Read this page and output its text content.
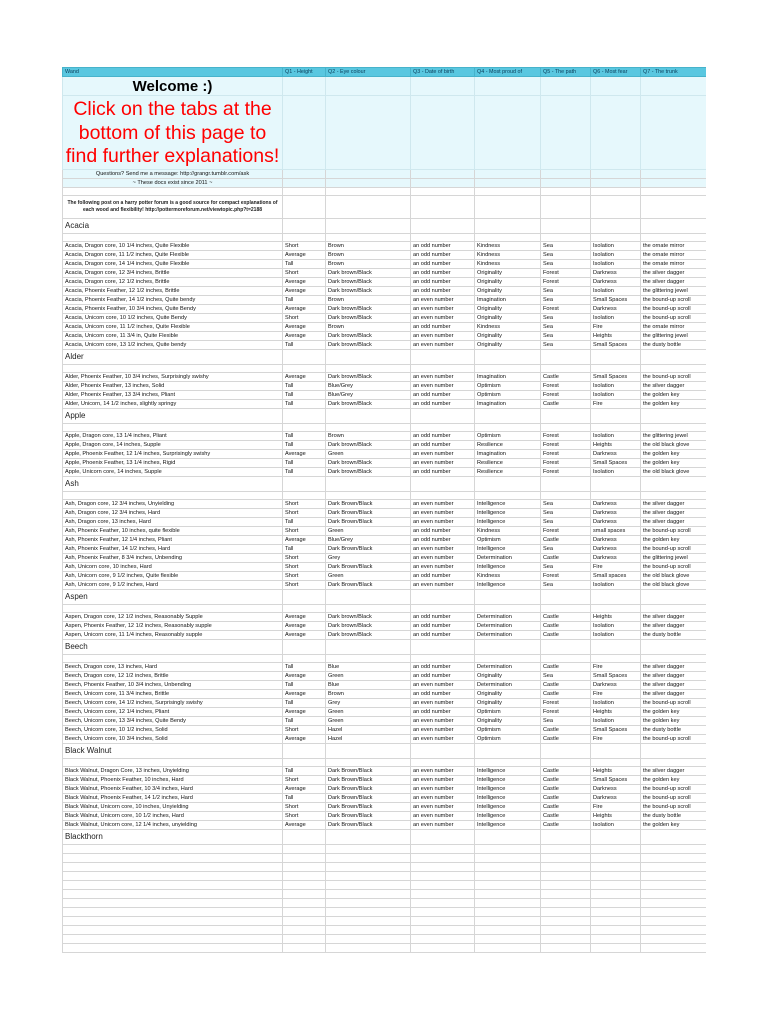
Wand	Q1 - Height	Q2 - Eye colour	Q3 - Date of birth	Q4 - Most proud of	Q5 - The path	Q6 - Most fear	Q7 - The trunk

Welcome :)							

Click on the tabs at the bottom of this page to find further explanations!							

Questions? Send me a message: http://grangr.tumblr.com/ask							
~ These docs exist since 2011 ~							

The following post on a harry potter forum is a good source for compact explanations of each wood and flexibility! http://pottermoreforum.net/viewtopic.php?t=2188							
Acacia							

Acacia, Dragon core, 10 1/4 inches, Quite Flexible	Short	Brown	an odd number	Kindness	Sea	Isolation	the ornate mirror
Acacia, Dragon core, 11 1/2 inches, Quite Flexible	Average	Brown	an odd number	Kindness	Sea	Isolation	the ornate mirror
Acacia, Dragon core, 14 1/4 inches, Quite Flexible	Tall	Brown	an odd number	Kindness	Sea	Isolation	the ornate mirror
Acacia, Dragon core, 12 3/4 inches, Brittle	Short	Dark brown/Black	an odd number	Originality	Forest	Darkness	the silver dagger
Acacia, Dragon core, 12 1/2 inches, Brittle	Average	Dark brown/Black	an odd number	Originality	Forest	Darkness	the silver dagger
Acacia, Phoenix Feather, 12 1/2 inches, Brittle	Average	Dark brown/Black	an odd number	Originality	Sea	Isolation	the glittering jewel
Acacia, Phoenix Feather, 14 1/2 inches, Quite bendy	Tall	Brown	an even number	Imagination	Sea	Small Spaces	the bound-up scroll
Acacia, Phoenix Feather, 10 3/4 inches, Quite Bendy	Average	Dark brown/Black	an even number	Originality	Forest	Darkness	the bound-up scroll
Acacia, Unicorn core, 10 1/2 inches, Quite Bendy	Short	Dark brown/Black	an even number	Originality	Sea	Isolation	the bound-up scroll
Acacia, Unicorn core, 11 1/2 inches, Quite Flexible	Average	Brown	an odd number	Kindness	Sea	Fire	the ornate mirror
Acacia, Unicorn core, 11 3/4 in, Quite Flexible	Average	Dark brown/Black	an even number	Originality	Sea	Heights	the glittering jewel
Acacia, Unicorn core, 13 1/2 inches, Quite bendy	Tall	Dark brown/Black	an even number	Originality	Sea	Small Spaces	the dusty bottle
Alder							

Alder, Phoenix Feather, 10 3/4 inches, Surprisingly swishy	Average	Dark brown/Black	an even number	Imagination	Castle	Small Spaces	the bound-up scroll
Alder, Phoenix Feather, 13 inches, Solid	Tall	Blue/Grey	an even number	Optimism	Forest	Isolation	the silver dagger
Alder, Phoenix Feather, 13 3/4 inches, Pliant	Tall	Blue/Grey	an odd number	Optimism	Forest	Isolation	the golden key
Alder, Unicorn, 14 1/2 inches, slightly springy	Tall	Dark brown/Black	an odd number	Imagination	Castle	Fire	the golden key
Apple							

Apple, Dragon core, 13 1/4 inches, Pliant	Tall	Brown	an odd number	Optimism	Forest	Isolation	the glittering jewel
Apple, Dragon core, 14 inches, Supple	Tall	Dark brown/Black	an odd number	Resilience	Forest	Heights	the old black glove
Apple, Phoenix Feather, 12 1/4 inches, Surprisingly swishy	Average	Green	an even number	Imagination	Forest	Darkness	the golden key
Apple, Phoenix Feather, 13 1/4 inches, Rigid	Tall	Dark brown/Black	an even number	Resilience	Forest	Small Spaces	the golden key
Apple, Unicorn core, 14 inches, Supple	Tall	Dark brown/Black	an odd number	Resilience	Forest	Isolation	the old black glove
Ash							

Ash, Dragon core, 12 3/4 inches, Unyielding	Short	Dark Brown/Black	an even number	Intelligence	Sea	Darkness	the silver dagger
Ash, Dragon core, 12 3/4 inches, Hard	Short	Dark Brown/Black	an even number	Intelligence	Sea	Darkness	the silver dagger
Ash, Dragon core, 13 inches, Hard	Tall	Dark Brown/Black	an even number	Intelligence	Sea	Darkness	the silver dagger
Ash, Phoenix Feather, 10 inches, quite flexible	Short	Green	an odd number	Kindness	Forest	small spaces	the bound-up scroll
Ash, Phoenix Feather, 12 1/4 inches, Pliant	Average	Blue/Grey	an odd number	Optimism	Castle	Darkness	the golden key
Ash, Phoenix Feather, 14 1/2 inches, Hard	Tall	Dark Brown/Black	an even number	Intelligence	Sea	Darkness	the bound-up scroll
Ash, Phoenix Feather, 8 3/4 inches, Unbending	Short	Grey	an even number	Determination	Castle	Darkness	the glittering jewel
Ash, Unicorn core, 10 inches, Hard	Short	Dark Brown/Black	an even number	Intelligence	Sea	Fire	the bound-up scroll
Ash, Unicorn core, 9 1/2 inches, Quite flexible	Short	Green	an odd number	Kindness	Forest	Small spaces	the old black glove
Ash, Unicorn core, 9 1/2 inches, Hard	Short	Dark Brown/Black	an even number	Intelligence	Sea	Isolation	the old black glove
Aspen							

Aspen, Dragon core, 12 1/2 inches, Reasonably Supple	Average	Dark brown/Black	an odd number	Determination	Castle	Heights	the silver dagger
Aspen, Phoenix Feather, 12 1/2 inches, Reasonably supple	Average	Dark brown/Black	an odd number	Determination	Castle	Isolation	the silver dagger
Aspen, Unicorn core, 11 1/4 inches, Reasonably supple	Average	Dark brown/Black	an odd number	Determination	Castle	Isolation	the dusty bottle
Beech							

Beech, Dragon core, 13 inches, Hard	Tall	Blue	an odd number	Determination	Castle	Fire	the silver dagger
Beech, Dragon core, 12 1/2 inches, Brittle	Average	Green	an odd number	Originality	Sea	Small Spaces	the silver dagger
Beech, Phoenix Feather, 10 3/4 inches, Unbending	Tall	Blue	an even number	Determination	Castle	Darkness	the silver dagger
Beech, Unicorn core, 11 3/4 inches, Brittle	Average	Brown	an odd number	Originality	Castle	Fire	the silver dagger
Beech, Unicorn core, 14 1/2 inches, Surprisingly swishy	Tall	Grey	an even number	Originality	Forest	Isolation	the bound-up scroll
Beech, Unicorn core, 12 1/4 inches, Pliant	Average	Green	an odd number	Optimism	Forest	Heights	the golden key
Beech, Unicorn core, 13 3/4 inches, Quite Bendy	Tall	Green	an even number	Originality	Sea	Isolation	the golden key
Beech, Unicorn core, 10 1/2 inches, Solid	Short	Hazel	an even number	Optimism	Castle	Small Spaces	the dusty bottle
Beech, Unicorn core, 10 3/4 inches, Solid	Average	Hazel	an even number	Optimism	Castle	Fire	the bound-up scroll
Black Walnut							

Black Walnut, Dragon Core, 13 inches, Unyielding	Tall	Dark Brown/Black	an even number	Intelligence	Castle	Heights	the silver dagger
Black Walnut, Phoenix Feather, 10 inches, Hard	Short	Dark Brown/Black	an even number	Intelligence	Castle	Small Spaces	the golden key
Black Walnut, Phoenix Feather, 10 3/4 inches, Hard	Average	Dark Brown/Black	an even number	Intelligence	Castle	Darkness	the bound-up scroll
Black Walnut, Phoenix Feather, 14 1/2 inches, Hard	Tall	Dark Brown/Black	an even number	Intelligence	Castle	Darkness	the bound-up scroll
Black Walnut, Unicorn core, 10 inches, Unyielding	Short	Dark Brown/Black	an even number	Intelligence	Castle	Fire	the bound-up scroll
Black Walnut, Unicorn core, 10 1/2 inches, Hard	Short	Dark Brown/Black	an even number	Intelligence	Castle	Heights	the dusty bottle
Black Walnut, Unicorn core, 12 1/4 inches, unyielding	Average	Dark Brown/Black	an even number	Intelligence	Castle	Isolation	the golden key
Blackthorn							
